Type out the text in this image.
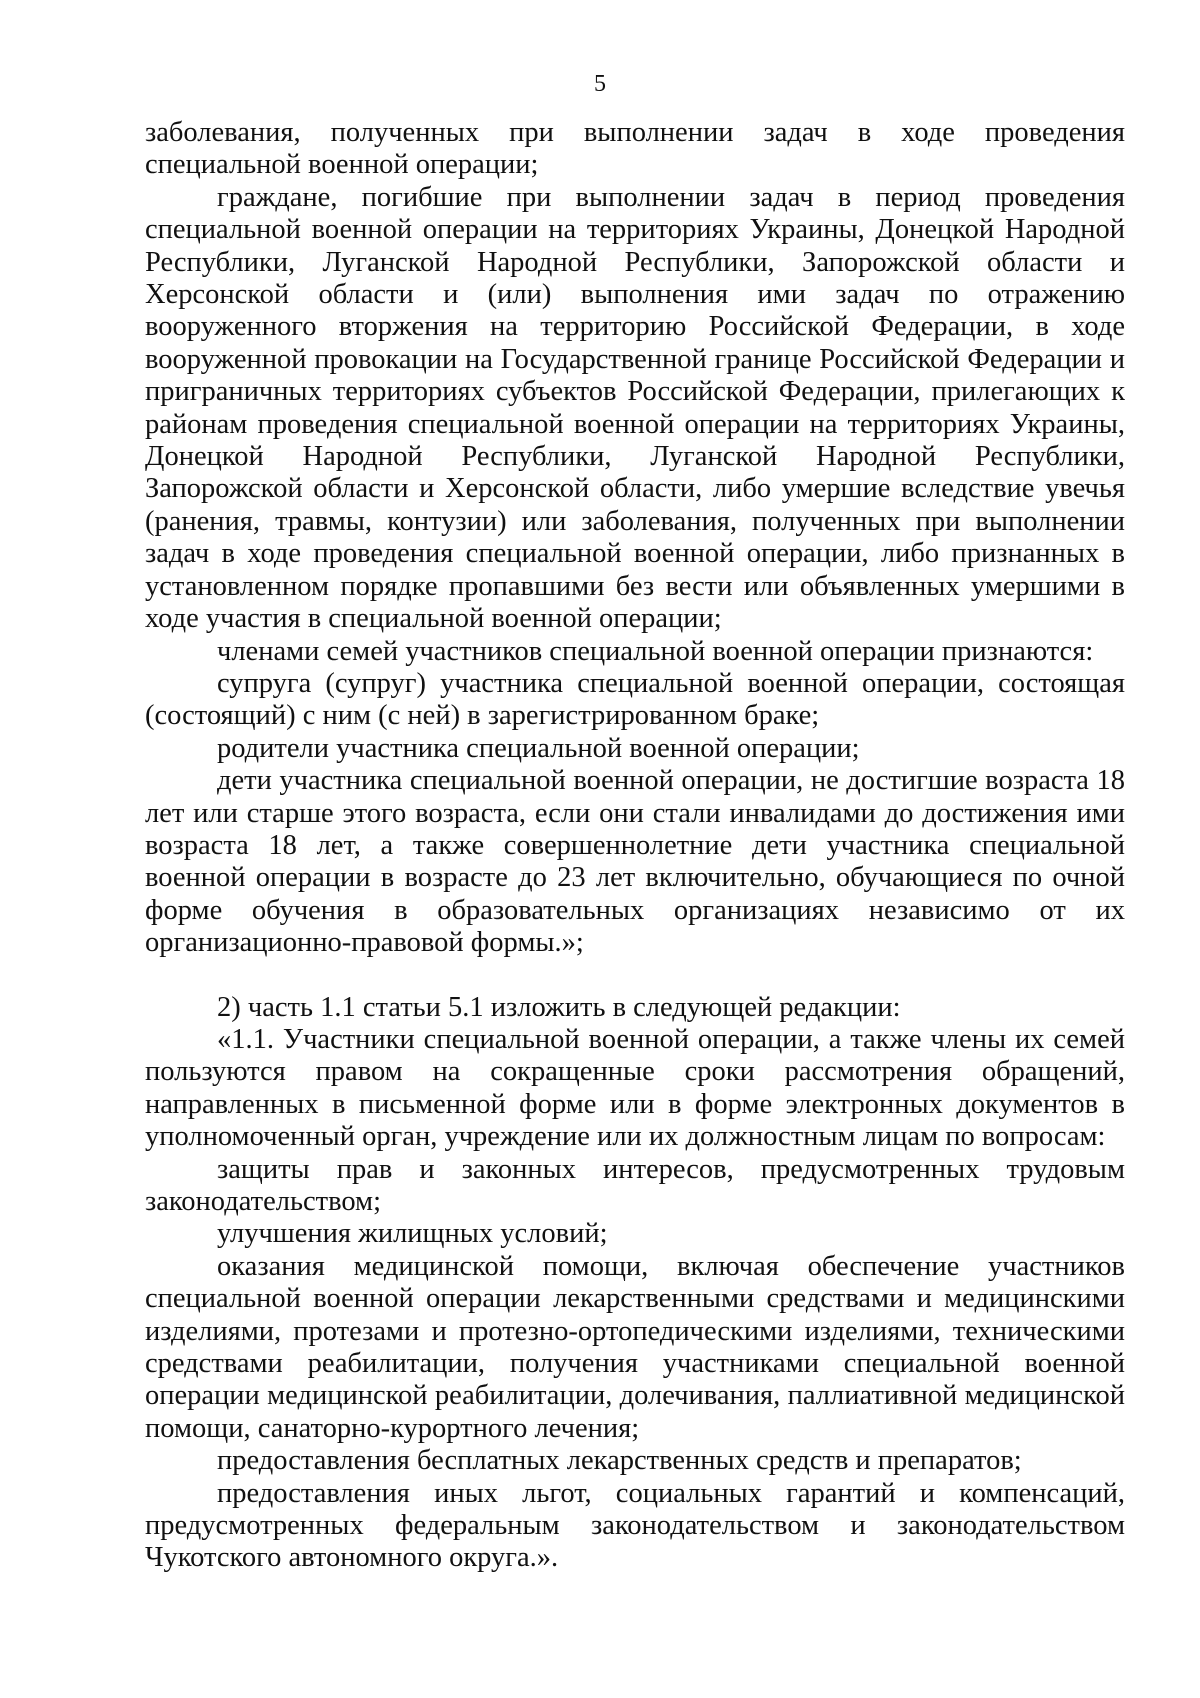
5

заболевания, полученных при выполнении задач в ходе проведения специальной военной операции;

граждане, погибшие при выполнении задач в период проведения специальной военной операции на территориях Украины, Донецкой Народной Республики, Луганской Народной Республики, Запорожской области и Херсонской области и (или) выполнения ими задач по отражению вооруженного вторжения на территорию Российской Федерации, в ходе вооруженной провокации на Государственной границе Российской Федерации и приграничных территориях субъектов Российской Федерации, прилегающих к районам проведения специальной военной операции на территориях Украины, Донецкой Народной Республики, Луганской Народной Республики, Запорожской области и Херсонской области, либо умершие вследствие увечья (ранения, травмы, контузии) или заболевания, полученных при выполнении задач в ходе проведения специальной военной операции, либо признанных в установленном порядке пропавшими без вести или объявленных умершими в ходе участия в специальной военной операции;

членами семей участников специальной военной операции признаются:

супруга (супруг) участника специальной военной операции, состоящая (состоящий) с ним (с ней) в зарегистрированном браке;

родители участника специальной военной операции;

дети участника специальной военной операции, не достигшие возраста 18 лет или старше этого возраста, если они стали инвалидами до достижения ими возраста 18 лет, а также совершеннолетние дети участника специальной военной операции в возрасте до 23 лет включительно, обучающиеся по очной форме обучения в образовательных организациях независимо от их организационно-правовой формы.»;

2) часть 1.1 статьи 5.1 изложить в следующей редакции:

«1.1. Участники специальной военной операции, а также члены их семей пользуются правом на сокращенные сроки рассмотрения обращений, направленных в письменной форме или в форме электронных документов в уполномоченный орган, учреждение или их должностным лицам по вопросам:

защиты прав и законных интересов, предусмотренных трудовым законодательством;

улучшения жилищных условий;

оказания медицинской помощи, включая обеспечение участников специальной военной операции лекарственными средствами и медицинскими изделиями, протезами и протезно-ортопедическими изделиями, техническими средствами реабилитации, получения участниками специальной военной операции медицинской реабилитации, долечивания, паллиативной медицинской помощи, санаторно-курортного лечения;

предоставления бесплатных лекарственных средств и препаратов;

предоставления иных льгот, социальных гарантий и компенсаций, предусмотренных федеральным законодательством и законодательством Чукотского автономного округа.».
